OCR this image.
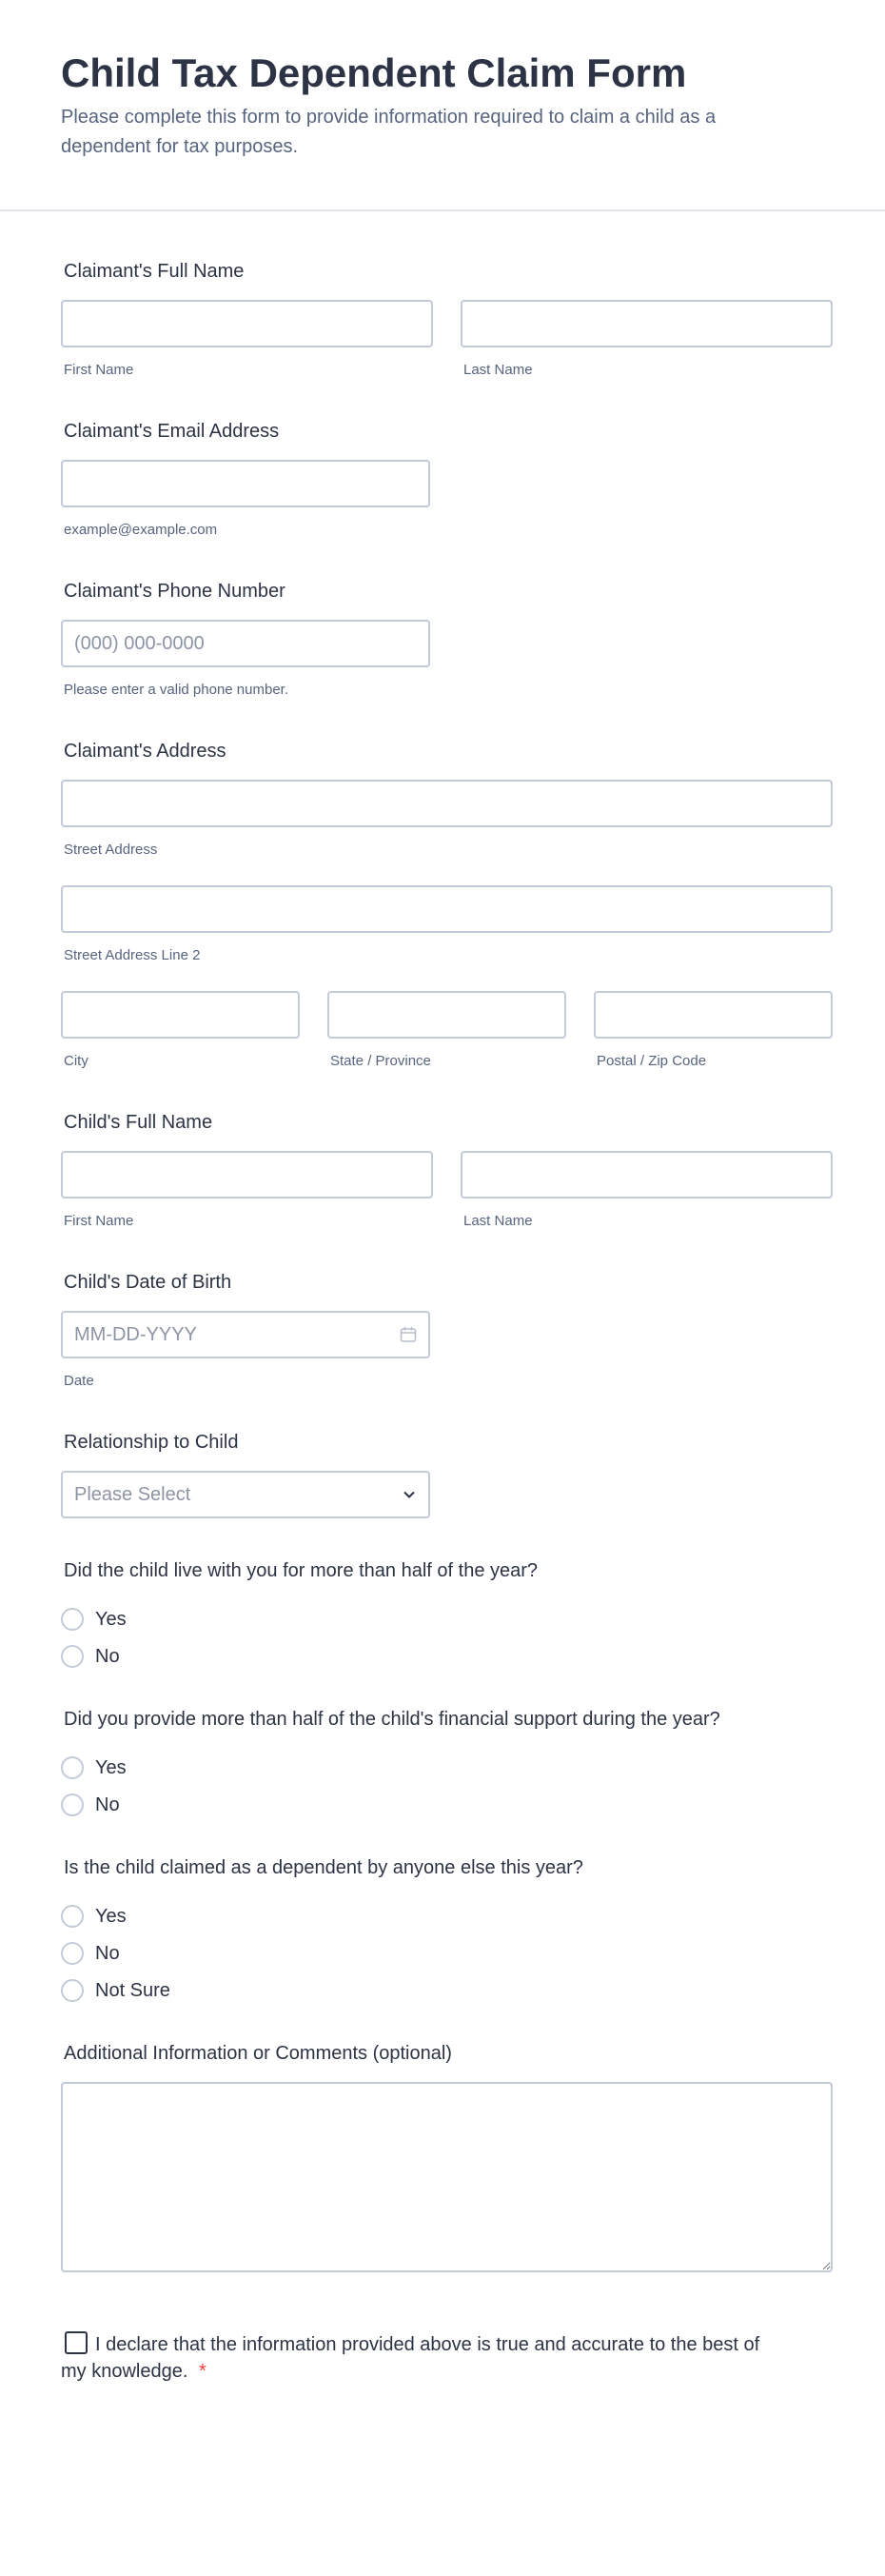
Child Tax Dependent Claim Form
Please complete this form to provide information required to claim a child as a dependent for tax purposes.
Claimant's Full Name
First Name	Last Name
Claimant's Email Address
example@example.com
Claimant's Phone Number
(000) 000-0000
Please enter a valid phone number.
Claimant's Address
Street Address
Street Address Line 2
City	State / Province	Postal / Zip Code
Child's Full Name
First Name	Last Name
Child's Date of Birth
MM-DD-YYYY
Date
Relationship to Child
Please Select
Did the child live with you for more than half of the year?
Yes
No
Did you provide more than half of the child's financial support during the year?
Yes
No
Is the child claimed as a dependent by anyone else this year?
Yes
No
Not Sure
Additional Information or Comments (optional)
I declare that the information provided above is true and accurate to the best of my knowledge. *
